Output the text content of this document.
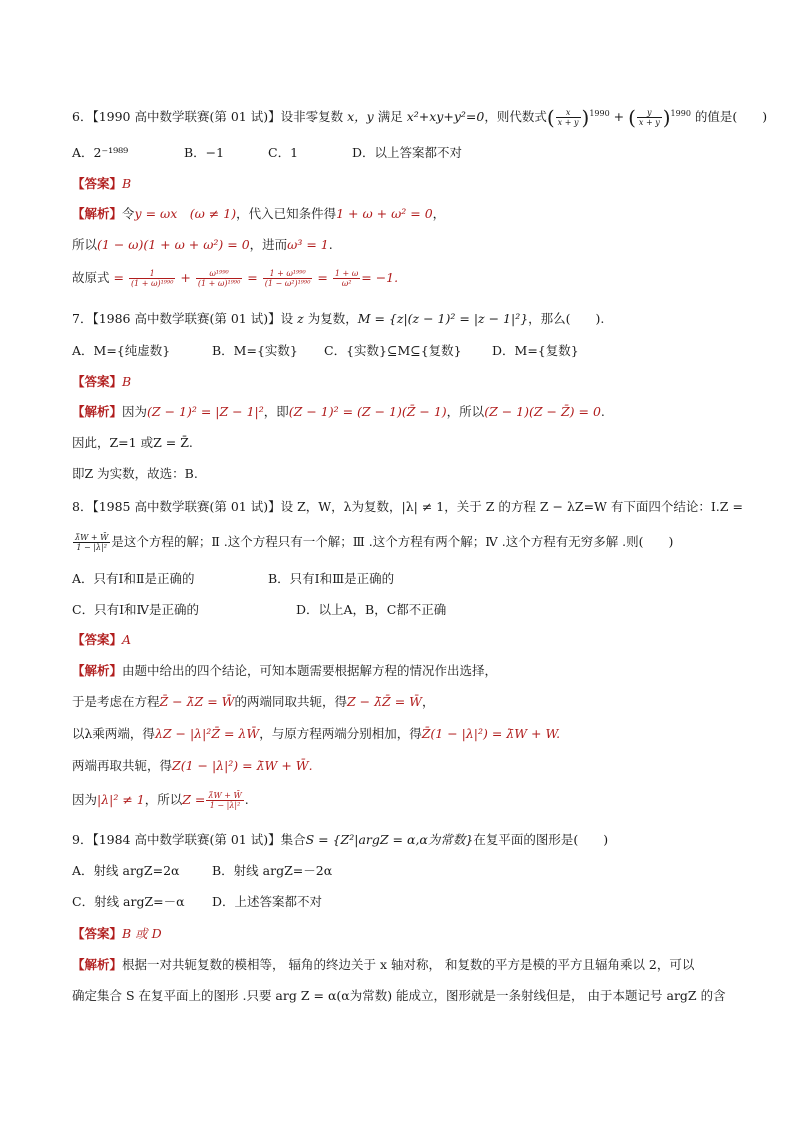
6．【1990 高中数学联赛(第 01 试)】设非零复数 x，y 满足 x²+xy+y²=0，则代数式( $\frac{x}{x + y} )^{1990}$ + ( $\frac{y}{x + y} )^{1990}$ 的值是(　　)
A．2⁻¹⁹⁸⁹	B．−1	C．1	D．以上答案都不对
【答案】B
【解析】令y = ωx　(ω ≠ 1)，代入已知条件得1 + ω + ω² = 0，
所以(1 − ω)(1 + ω + ω²) = 0，进而ω³ = 1.
故原式 = $\frac{1}{\text{(1 + ω)¹⁹⁹⁰}} + \frac{\text{ω¹⁹⁹⁰}}{\text{(1 + ω)¹⁹⁹⁰}} = \frac{\text{1 + ω¹⁹⁹⁰}}{\text{(1 − ω²)¹⁹⁹⁰}} = \frac{1 + \omega}{\text{ω²}} = -1$.
7．【1986 高中数学联赛(第 01 试)】设 z 为复数，M = {z|(z − 1)² = |z − 1|²}，那么(　　).
A．M={纯虚数}	B．M={实数} C．{实数}⊆M⊆{复数} D．M={复数}
【答案】B
【解析】因为(Z − 1)² = |Z − 1|²，即(Z − 1)² = (Z − 1)(Z̄ − 1)，所以(Z − 1)(Z − Z̄) = 0.
因此，Z=1 或Z = Z̄.
即Z 为实数，故选：B.
8．【1985 高中数学联赛(第 01 试)】设 Z，W，λ为复数，|λ| ≠ 1，关于 Z 的方程 Z − λZ=W 有下面四个结论：Ⅰ.Z =
$\frac{\lambdāW + W̄}{\text{1 − |λ|²}}$ 是这个方程的解；Ⅱ .这个方程只有一个解；Ⅲ .这个方程有两个解；Ⅳ .这个方程有无穷多解 .则(　　)
A．只有Ⅰ和Ⅱ是正确的	B．只有Ⅰ和Ⅲ是正确的
C．只有Ⅰ和Ⅳ是正确的	D．以上A，B，C都不正确
【答案】A
【解析】由题中给出的四个结论，可知本题需要根据解方程的情况作出选择，
于是考虑在方程Z̄ − λ̄Z = W̄的两端同取共轭，得Z − λ̄Z̄ = W̄，
以λ乘两端，得λZ − |λ|²Z̄ = λW̄，与原方程两端分别相加，得Z̄(1 − |λ|²) = λ̄W + W.
两端再取共轭，得Z(1 − |λ|²) = λ̄W + W̄.
因为|λ|² ≠ 1，所以$Z = \frac{\lambdāW + W̄}{\text{1 − |λ|²}}$ .
9．【1984 高中数学联赛(第 01 试)】集合S = {Z²|argZ = α,α为常数}在复平面的图形是(　　)
A．射线 argZ=2α	B．射线 argZ=－2α
C．射线 argZ=－α D．上述答案都不对
【答案】B 或 D
【解析】根据一对共轭复数的模相等， 辐角的终边关于 x 轴对称， 和复数的平方是模的平方且辐角乘以 2，可以
确定集合 S 在复平面上的图形 .只要 arg Z = α(α为常数) 能成立，图形就是一条射线但是， 由于本题记号 argZ 的含
